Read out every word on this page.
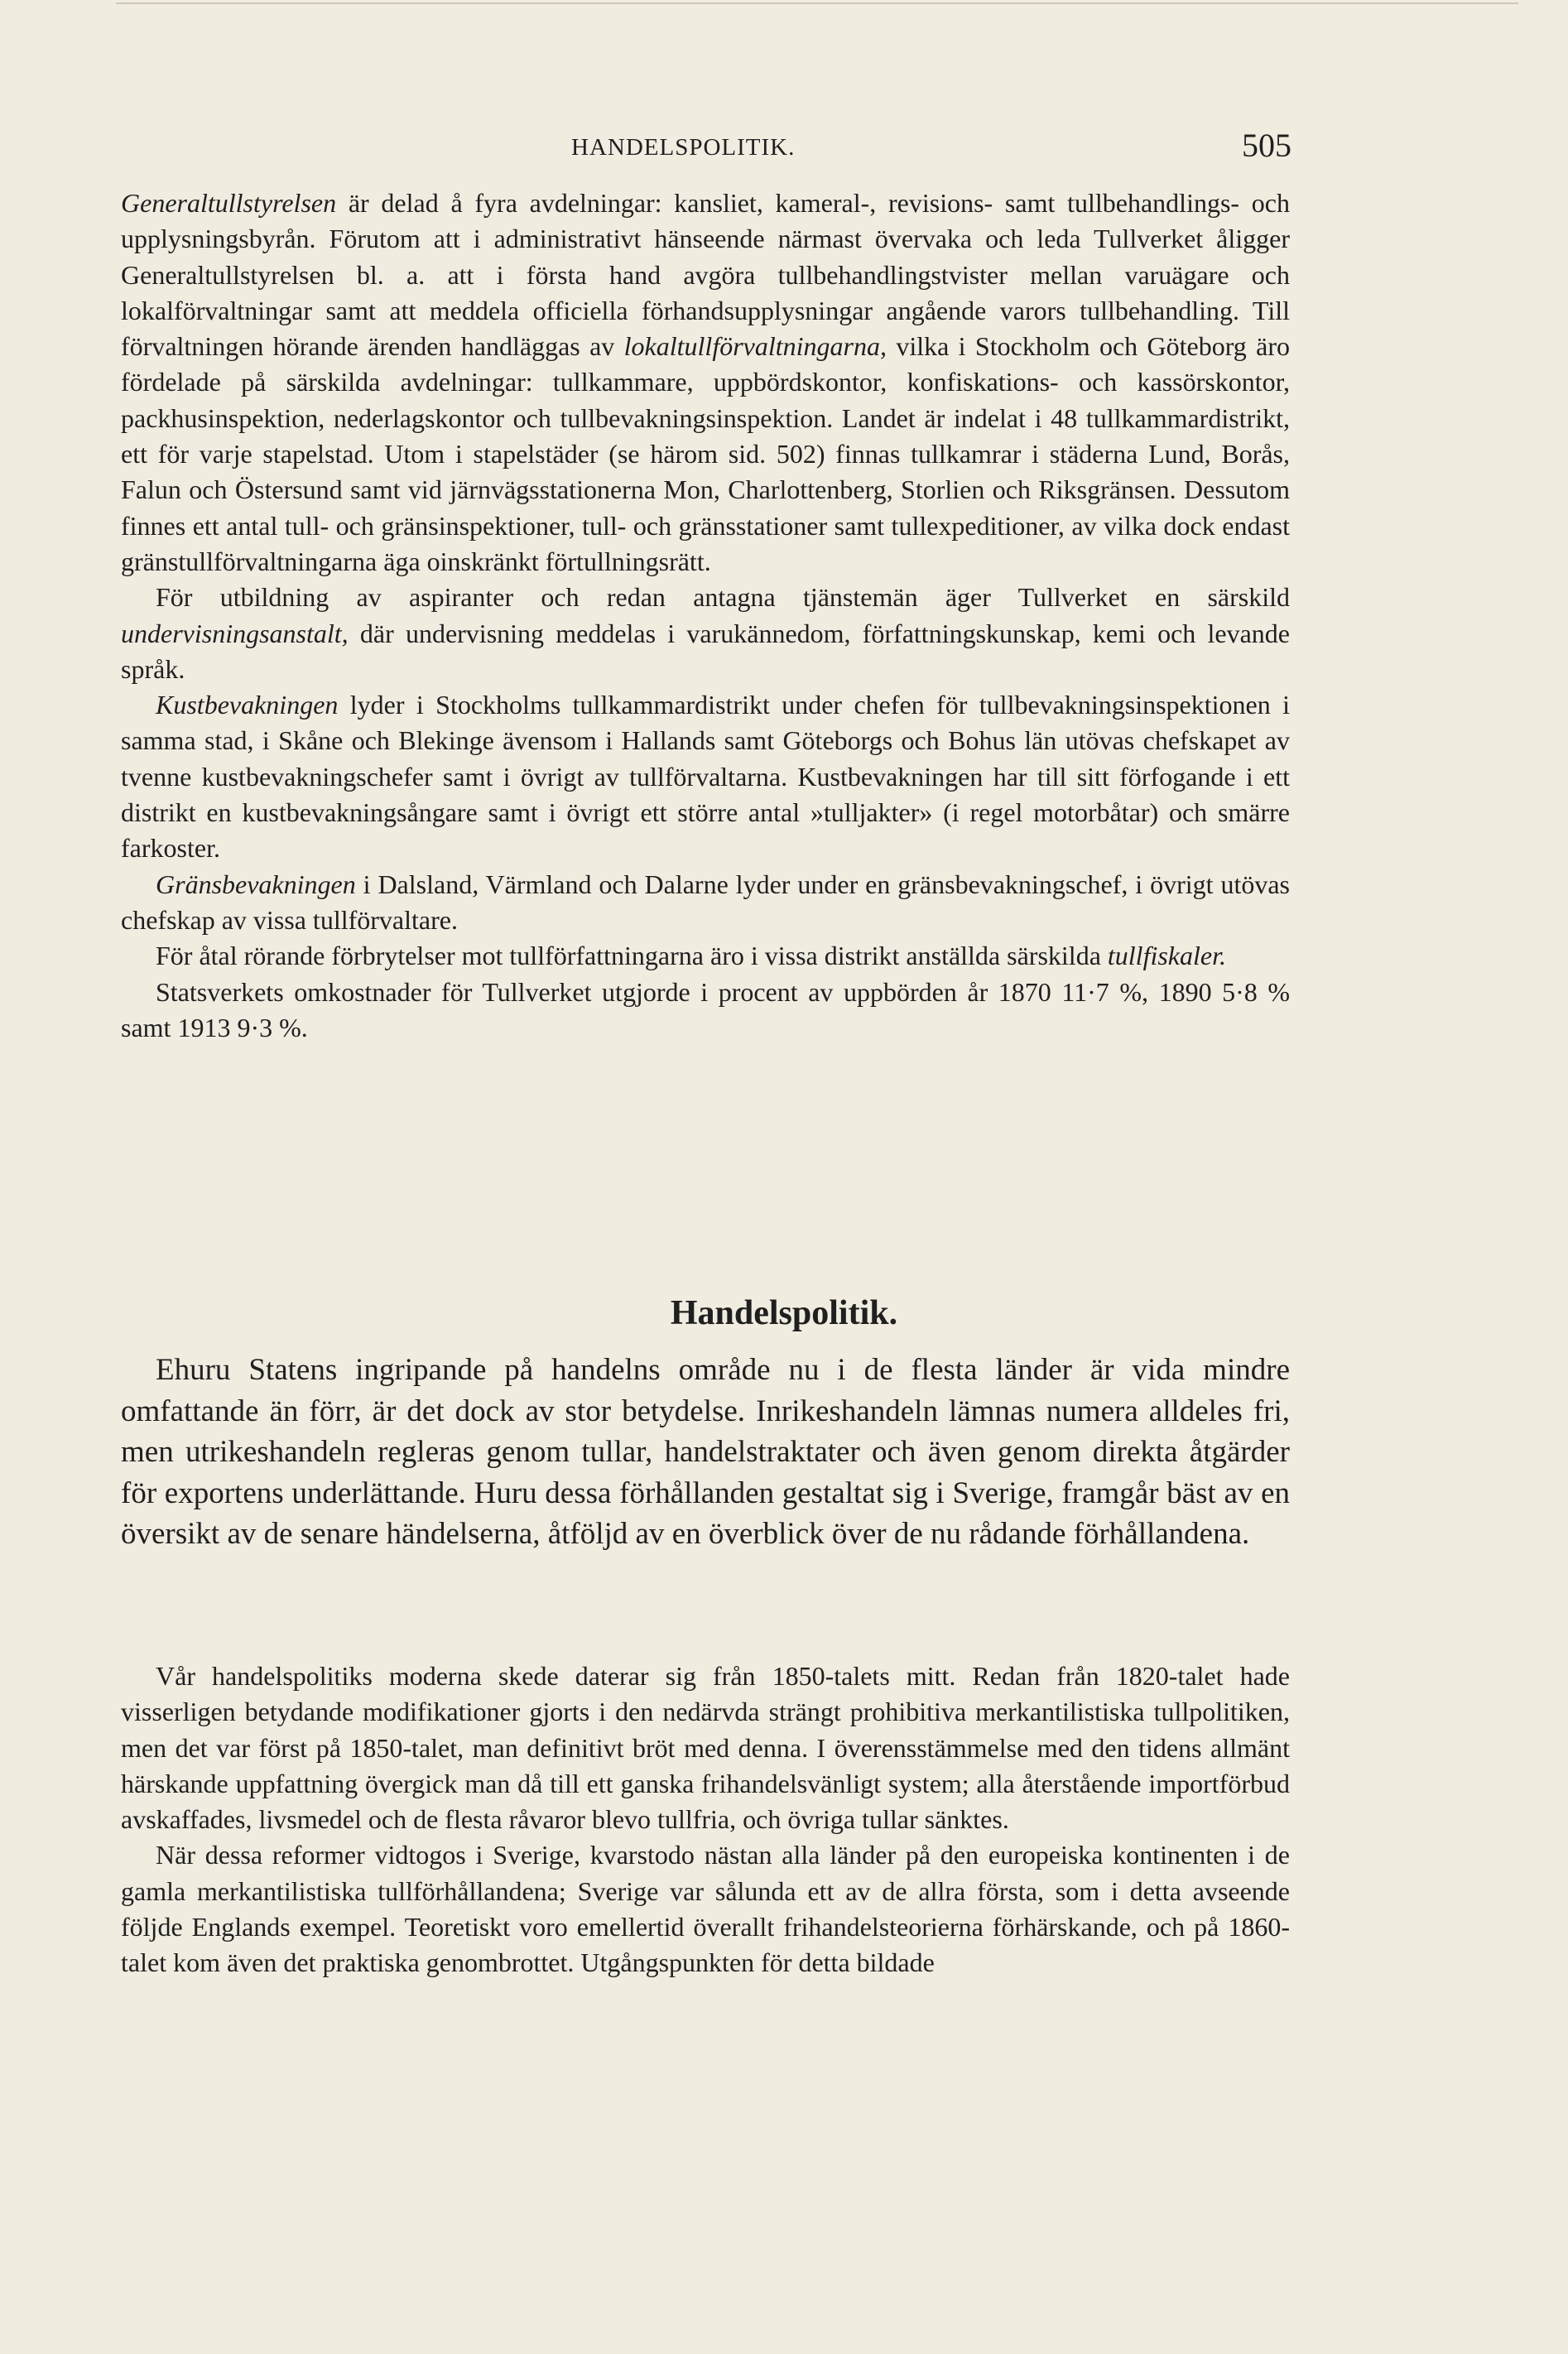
HANDELSPOLITIK.	505

Generaltullstyrelsen är delad å fyra avdelningar: kansliet, kameral-, revisions- samt tullbehandlings- och upplysningsbyrån. Förutom att i administrativt hänseende närmast övervaka och leda Tullverket åligger Generaltullstyrelsen bl. a. att i första hand avgöra tullbehandlingstvister mellan varuägare och lokalförvaltningar samt att meddela officiella förhandsupplysningar angående varors tullbehandling. Till förvaltningen hörande ärenden handläggas av lokaltullförvaltningarna, vilka i Stockholm och Göteborg äro fördelade på särskilda avdelningar: tullkammare, uppbördskontor, konfiskations- och kassörskontor, packhusinspektion, nederlagskontor och tullbevakningsinspektion. Landet är indelat i 48 tullkammardistrikt, ett för varje stapelstad. Utom i stapelstäder (se härom sid. 502) finnas tullkamrar i städerna Lund, Borås, Falun och Östersund samt vid järnvägsstationerna Mon, Charlottenberg, Storlien och Riksgränsen. Dessutom finnes ett antal tull- och gränsinspektioner, tull- och gränsstationer samt tullexpeditioner, av vilka dock endast gränstullförvaltningarna äga oinskränkt förtullningsrätt.

För utbildning av aspiranter och redan antagna tjänstemän äger Tullverket en särskild undervisningsanstalt, där undervisning meddelas i varukännedom, författningskunskap, kemi och levande språk.

Kustbevakningen lyder i Stockholms tullkammardistrikt under chefen för tullbevakningsinspektionen i samma stad, i Skåne och Blekinge ävensom i Hallands samt Göteborgs och Bohus län utövas chefskapet av tvenne kustbevakningschefer samt i övrigt av tullförvaltarna. Kustbevakningen har till sitt förfogande i ett distrikt en kustbevakningsångare samt i övrigt ett större antal »tulljakter» (i regel motorbåtar) och smärre farkoster.

Gränsbevakningen i Dalsland, Värmland och Dalarne lyder under en gränsbevakningschef, i övrigt utövas chefskap av vissa tullförvaltare.

För åtal rörande förbrytelser mot tullförfattningarna äro i vissa distrikt anställda särskilda tullfiskaler.

Statsverkets omkostnader för Tullverket utgjorde i procent av uppbörden år 1870 11·7 %, 1890 5·8 % samt 1913 9·3 %.

Handelspolitik.

Ehuru Statens ingripande på handelns område nu i de flesta länder är vida mindre omfattande än förr, är det dock av stor betydelse. Inrikeshandeln lämnas numera alldeles fri, men utrikeshandeln regleras genom tullar, handelstraktater och även genom direkta åtgärder för exportens underlättande. Huru dessa förhållanden gestaltat sig i Sverige, framgår bäst av en översikt av de senare händelserna, åtföljd av en överblick över de nu rådande förhållandena.

Vår handelspolitiks moderna skede daterar sig från 1850-talets mitt. Redan från 1820-talet hade visserligen betydande modifikationer gjorts i den nedärvda strängt prohibitiva merkantilistiska tullpolitiken, men det var först på 1850-talet, man definitivt bröt med denna. I överensstämmelse med den tidens allmänt härskande uppfattning övergick man då till ett ganska frihandelsvänligt system; alla återstående importförbud avskaffades, livsmedel och de flesta råvaror blevo tullfria, och övriga tullar sänktes.

När dessa reformer vidtogos i Sverige, kvarstodo nästan alla länder på den europeiska kontinenten i de gamla merkantilistiska tullförhållandena; Sverige var sålunda ett av de allra första, som i detta avseende följde Englands exempel. Teoretiskt voro emellertid överallt frihandelsteorierna förhärskande, och på 1860-talet kom även det praktiska genombrottet. Utgångspunkten för detta bildade
